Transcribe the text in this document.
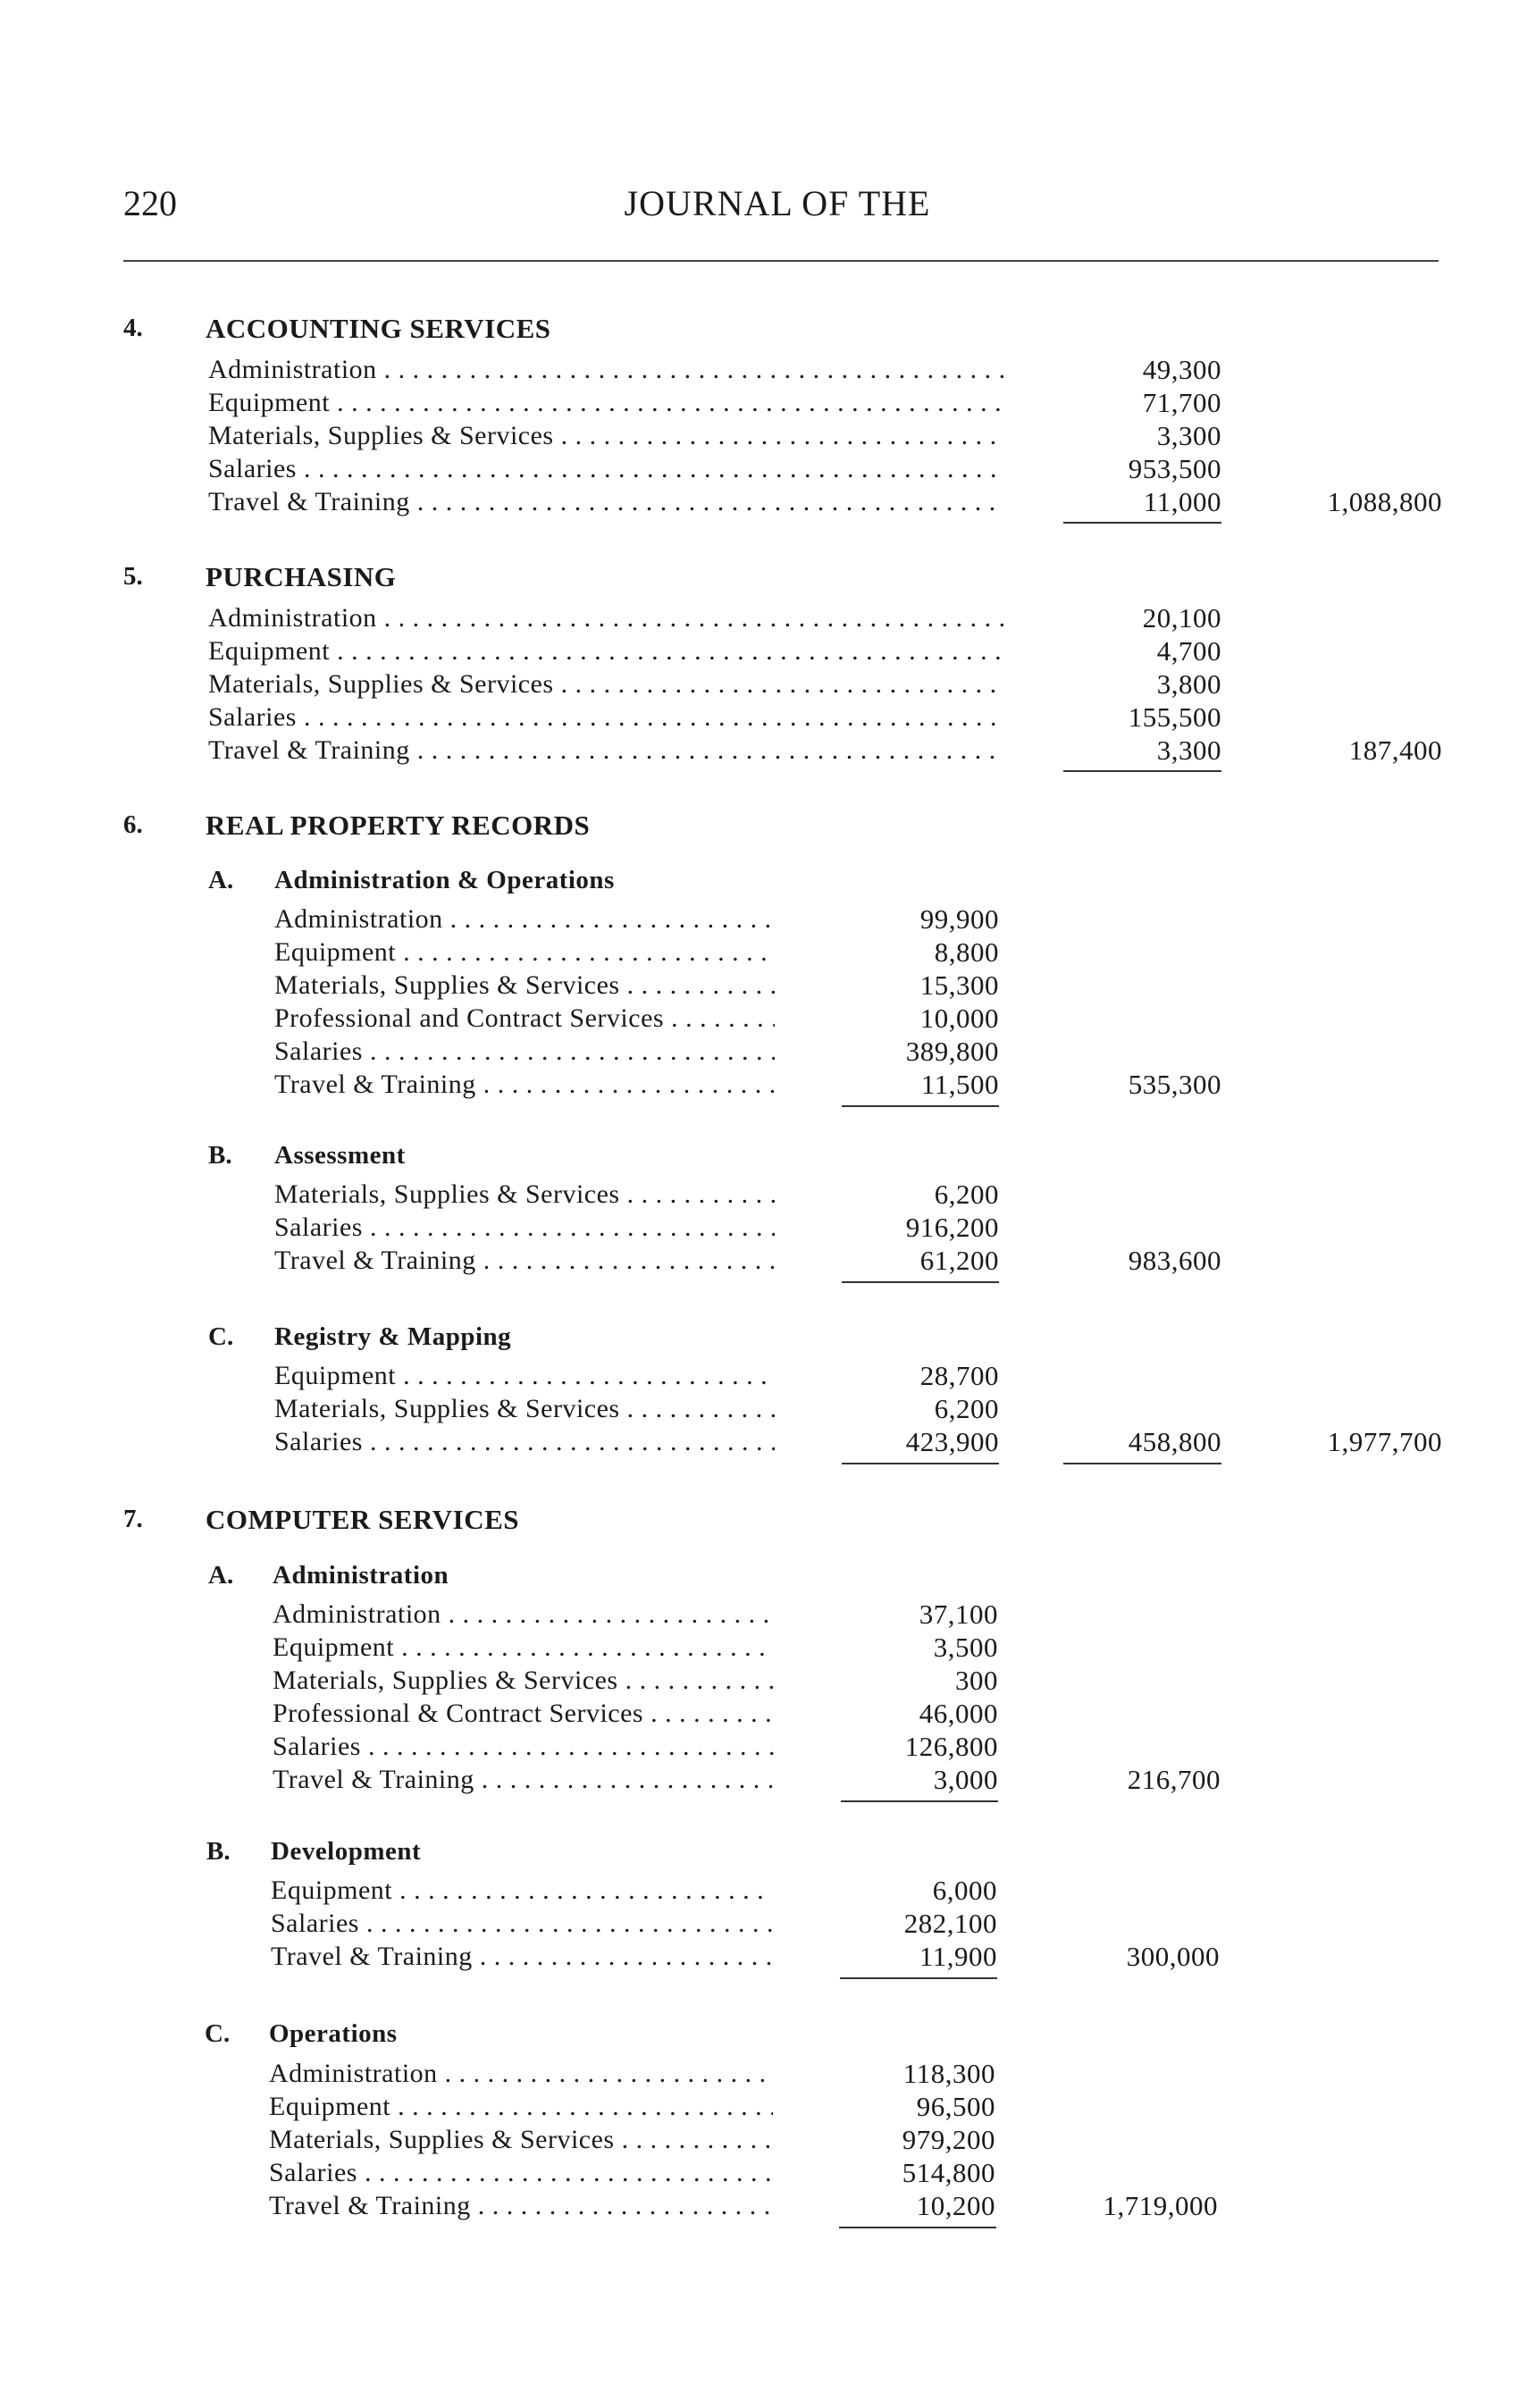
220	JOURNAL OF THE
4. ACCOUNTING SERVICES
Administration . . .	49,300
Equipment . . .	71,700
Materials, Supplies & Services . . .	3,300
Salaries . . .	953,500
Travel & Training . . .	11,000	1,088,800
5. PURCHASING
Administration . . .	20,100
Equipment . . .	4,700
Materials, Supplies & Services . . .	3,800
Salaries . . .	155,500
Travel & Training . . .	3,300	187,400
6. REAL PROPERTY RECORDS
A. Administration & Operations
Administration . . .	99,900
Equipment . . .	8,800
Materials, Supplies & Services . . .	15,300
Professional and Contract Services . . .	10,000
Salaries . . .	389,800
Travel & Training . . .	11,500	535,300
B. Assessment
Materials, Supplies & Services . . .	6,200
Salaries . . .	916,200
Travel & Training . . .	61,200	983,600
C. Registry & Mapping
Equipment . . .	28,700
Materials, Supplies & Services . . .	6,200
Salaries . . .	423,900	458,800	1,977,700
7. COMPUTER SERVICES
A. Administration
Administration . . .	37,100
Equipment . . .	3,500
Materials, Supplies & Services . . .	300
Professional & Contract Services . . .	46,000
Salaries . . .	126,800
Travel & Training . . .	3,000	216,700
B. Development
Equipment . . .	6,000
Salaries . . .	282,100
Travel & Training . . .	11,900	300,000
C. Operations
Administration . . .	118,300
Equipment . . .	96,500
Materials, Supplies & Services . . .	979,200
Salaries . . .	514,800
Travel & Training . . .	10,200	1,719,000
